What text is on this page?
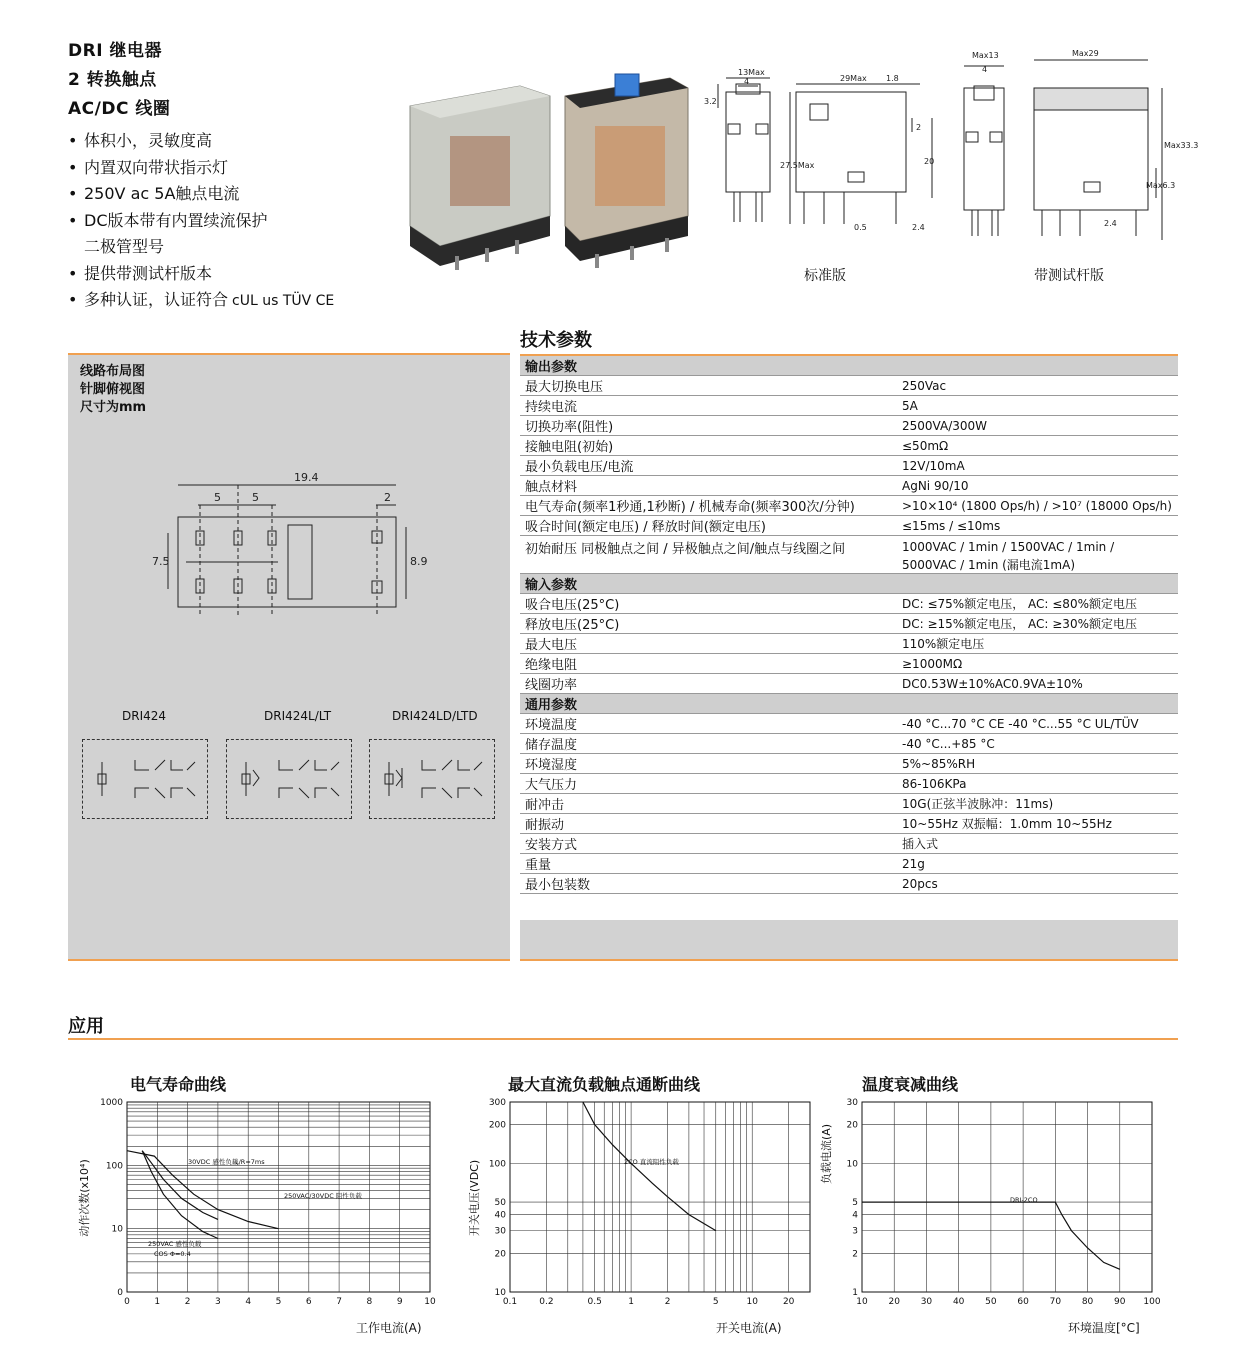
DRI 继电器
2 转换触点
AC/DC 线圈
• 体积小，灵敏度高
• 内置双向带状指示灯
• 250V ac 5A触点电流
• DC版本带有内置续流保护
二极管型号
• 提供带测试杆版本
• 多种认证，认证符合 cUL us TÜV CE
13Max
4
3.2
29Max 1.8
27.5Max
2
20
0.5	2.4
Max13
4
Max29
Max33.3
Max6.3
2.4
标准版	带测试杆版
线路布局图
针脚俯视图
尺寸为mm
19.4
5	5	2
7.5	8.9
DRI424	DRI424L/LT	DRI424LD/LTD
技术参数
输出参数
最大切换电压	250Vac
持续电流	5A
切换功率(阻性)	2500VA/300W
接触电阻(初始)	≤50mΩ
最小负载电压/电流	12V/10mA
触点材料	AgNi 90/10
电气寿命(频率1秒通,1秒断) / 机械寿命(频率300次/分钟)	>10×10⁴ (1800 Ops/h) / >10⁷ (18000 Ops/h)
吸合时间(额定电压) / 释放时间(额定电压)	≤15ms / ≤10ms
初始耐压 同极触点之间 / 异极触点之间/触点与线圈之间	1000VAC / 1min / 1500VAC / 1min /
5000VAC / 1min (漏电流1mA)
输入参数
吸合电压(25°C)	DC: ≤75%额定电压， AC: ≤80%额定电压
释放电压(25°C)	DC: ≥15%额定电压， AC: ≥30%额定电压
最大电压	110%额定电压
绝缘电阻	≥1000MΩ
线圈功率	DC0.53W±10%AC0.9VA±10%
通用参数
环境温度	-40 °C...70 °C CE -40 °C...55 °C UL/TÜV
储存温度	-40 °C...+85 °C
环境湿度	5%~85%RH
大气压力	86-106KPa
耐冲击	10G(正弦半波脉冲：11ms)
耐振动	10~55Hz 双振幅：1.0mm 10~55Hz
安装方式	插入式
重量	21g
最小包装数	20pcs
应用
电气寿命曲线	最大直流负载触点通断曲线	温度衰减曲线
0	1	2	3	4	5	6	7	8	9 10
0
10
100
1000
30VDC 感性负载
L/R=7ms
250VAC/30VDC 阻性负载
250VAC 感性负载
COS Φ=0.4
工作电流(A)
动作次数(x10⁴)
0.1 0.2	0.5	1	2	5	10	20
10
20
30
40
50
100
200
300
2CO 直流阻性负载
开关电流(A)
开关电压(VDC)
10 20 30 40 50 60 70 80 90 100
1
2
3
4
5
10
20
30
DRI-2CO
环境温度[°C]
负载电流(A)
